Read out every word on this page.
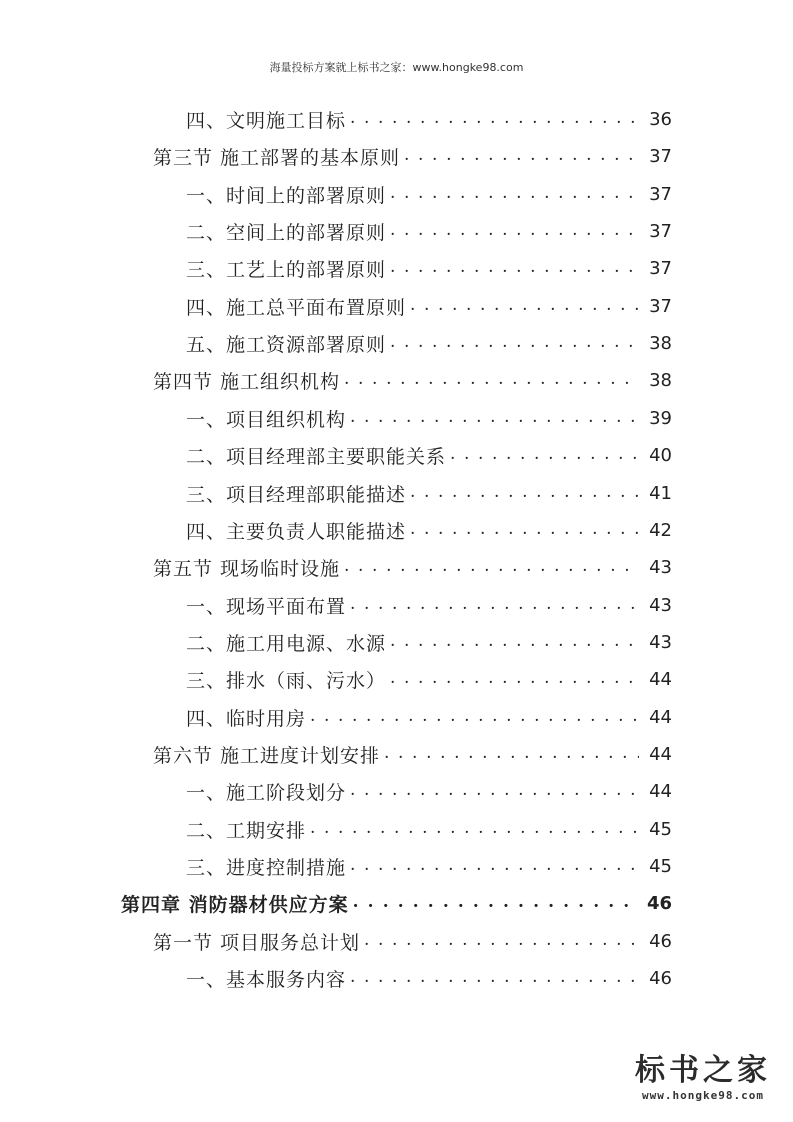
海量投标方案就上标书之家：www.hongke98.com
四、文明施工目标 . . .	36
第三节 施工部署的基本原则 . . .	37
一、时间上的部署原则 . . .	37
二、空间上的部署原则 . . .	37
三、工艺上的部署原则 . . .	37
四、施工总平面布置原则 . . .	37
五、施工资源部署原则 . . .	38
第四节 施工组织机构 . . .	38
一、项目组织机构 . . .	39
二、项目经理部主要职能关系 . . .	40
三、项目经理部职能描述 . . .	41
四、主要负责人职能描述 . . .	42
第五节 现场临时设施 . . .	43
一、现场平面布置 . . .	43
二、施工用电源、水源 . . .	43
三、排水（雨、污水） . . .	44
四、临时用房 . . .	44
第六节 施工进度计划安排 . . .	44
一、施工阶段划分 . . .	44
二、工期安排 . . .	45
三、进度控制措施 . . .	45
第四章 消防器材供应方案 . . .	46
第一节 项目服务总计划 . . .	46
一、基本服务内容 . . .	46
标书之家
www.hongke98.com
